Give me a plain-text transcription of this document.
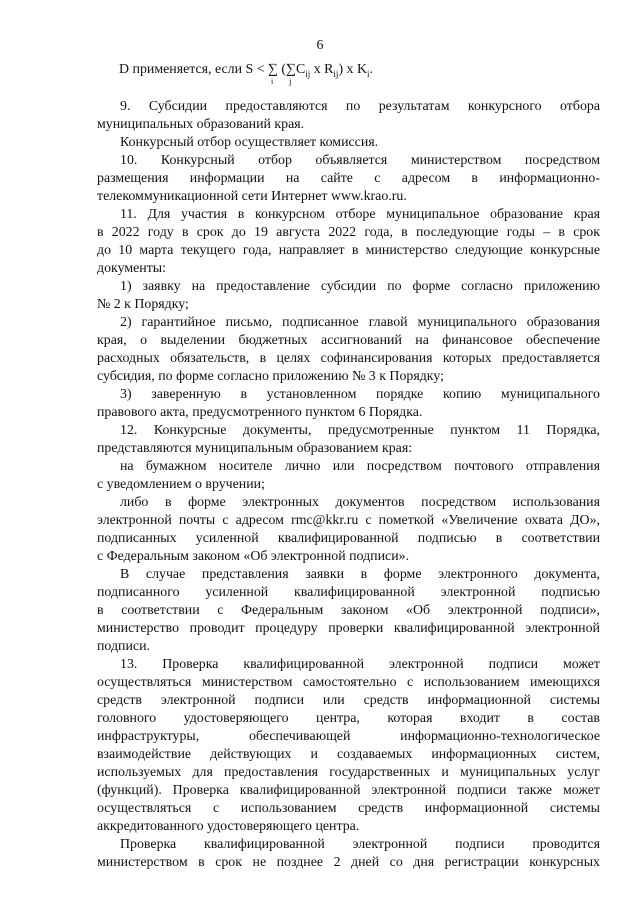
6
D применяется, если S < ∑
i
(∑
j
$C_{ij}$ x $R_{ij}$) x $K_i$.
9. Субсидии предоставляются по результатам конкурсного отбора
муниципальных образований края.
Конкурсный отбор осуществляет комиссия.
10. Конкурсный отбор объявляется министерством посредством
размещения информации на сайте с адресом в информационно-
телекоммуникационной сети Интернет www.krao.ru.
11. Для участия в конкурсном отборе муниципальное образование края
в 2022 году в срок до 19 августа 2022 года, в последующие годы – в срок
до 10 марта текущего года, направляет в министерство следующие конкурсные
документы:
1) заявку на предоставление субсидии по форме согласно приложению
№ 2 к Порядку;
2) гарантийное письмо, подписанное главой муниципального образования
края, о выделении бюджетных ассигнований на финансовое обеспечение
расходных обязательств, в целях софинансирования которых предоставляется
субсидия, по форме согласно приложению № 3 к Порядку;
3) заверенную в установленном порядке копию муниципального
правового акта, предусмотренного пунктом 6 Порядка.
12. Конкурсные документы, предусмотренные пунктом 11 Порядка,
представляются муниципальным образованием края:
на бумажном носителе лично или посредством почтового отправления
с уведомлением о вручении;
либо в форме электронных документов посредством использования
электронной почты с адресом rmc@kkr.ru с пометкой «Увеличение охвата ДО»,
подписанных усиленной квалифицированной подписью в соответствии
с Федеральным законом «Об электронной подписи».
В случае представления заявки в форме электронного документа,
подписанного усиленной квалифицированной электронной подписью
в соответствии с Федеральным законом «Об электронной подписи»,
министерство проводит процедуру проверки квалифицированной электронной
подписи.
13. Проверка квалифицированной электронной подписи может
осуществляться министерством самостоятельно с использованием имеющихся
средств электронной подписи или средств информационной системы
головного удостоверяющего центра, которая входит в состав
инфраструктуры, обеспечивающей информационно-технологическое
взаимодействие действующих и создаваемых информационных систем,
используемых для предоставления государственных и муниципальных услуг
(функций). Проверка квалифицированной электронной подписи также может
осуществляться с использованием средств информационной системы
аккредитованного удостоверяющего центра.
Проверка квалифицированной электронной подписи проводится
министерством в срок не позднее 2 дней со дня регистрации конкурсных
